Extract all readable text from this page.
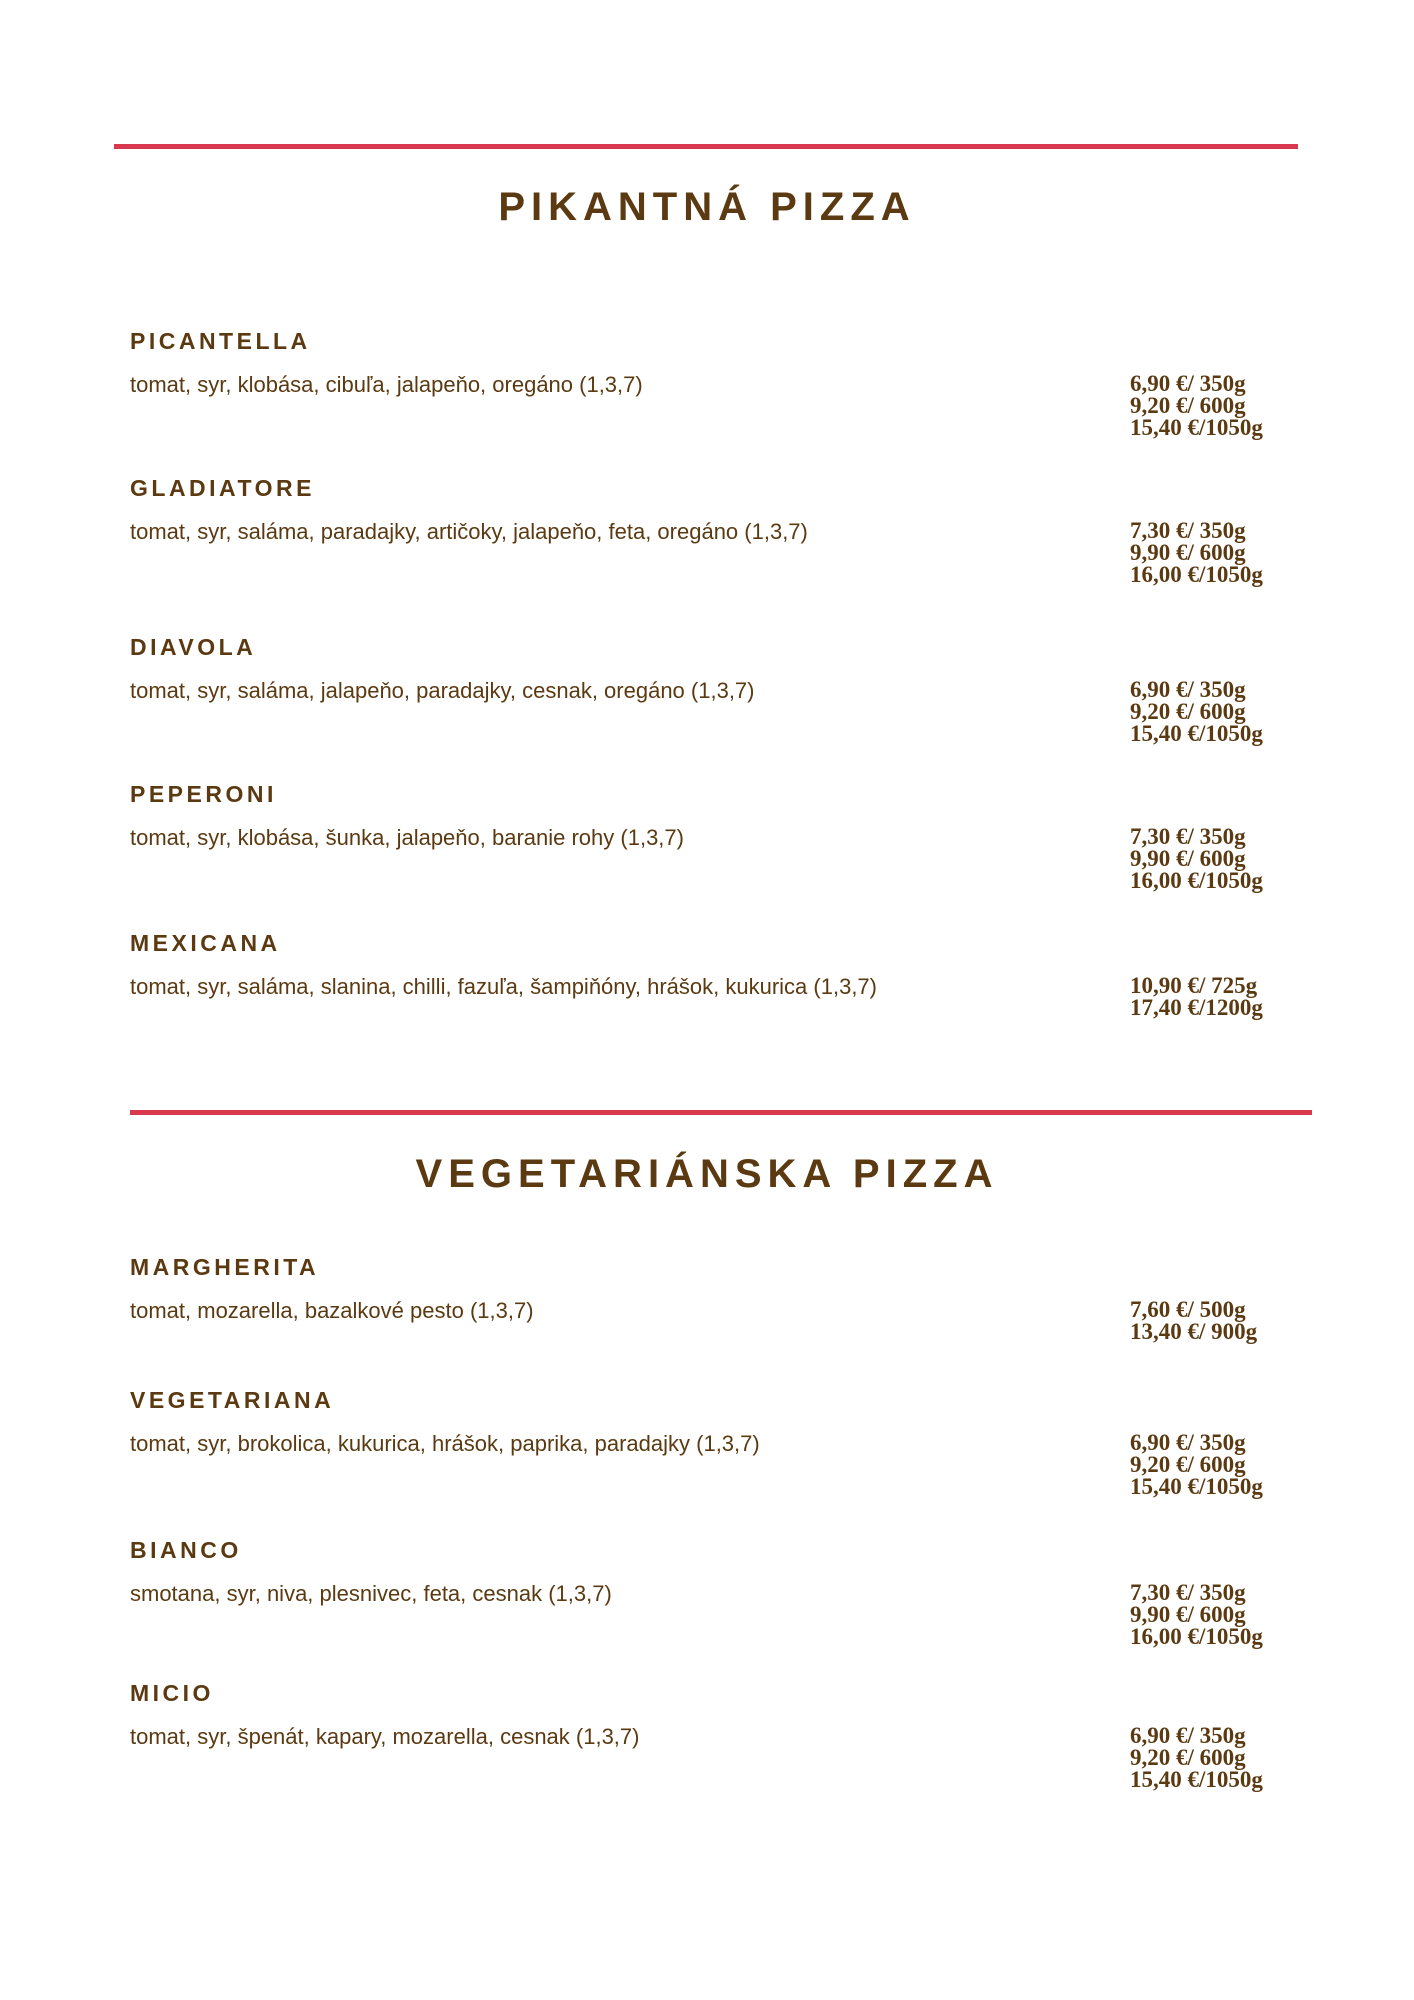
PIKANTNÁ PIZZA
PICANTELLA
tomat, syr, klobása, cibuľa, jalapeňo, oregáno (1,3,7)	6,90 €/ 350g
9,20 €/ 600g
15,40 €/1050g
GLADIATORE
tomat, syr, saláma, paradajky, artičoky, jalapeňo, feta, oregáno (1,3,7)	7,30 €/ 350g
9,90 €/ 600g
16,00 €/1050g
DIAVOLA
tomat, syr, saláma, jalapeňo, paradajky, cesnak, oregáno (1,3,7)	6,90 €/ 350g
9,20 €/ 600g
15,40 €/1050g
PEPERONI
tomat, syr, klobása, šunka, jalapeňo, baranie rohy (1,3,7)	7,30 €/ 350g
9,90 €/ 600g
16,00 €/1050g
MEXICANA
tomat, syr, saláma, slanina, chilli, fazuľa, šampiňóny, hrášok, kukurica (1,3,7)	10,90 €/ 725g
17,40 €/1200g
VEGETARIÁNSKA PIZZA
MARGHERITA
tomat, mozarella, bazalkové pesto (1,3,7)	7,60 €/ 500g
13,40 €/ 900g
VEGETARIANA
tomat, syr, brokolica, kukurica, hrášok, paprika, paradajky (1,3,7)	6,90 €/ 350g
9,20 €/ 600g
15,40 €/1050g
BIANCO
smotana, syr, niva, plesnivec, feta, cesnak (1,3,7)	7,30 €/ 350g
9,90 €/ 600g
16,00 €/1050g
MICIO
tomat, syr, špenát, kapary, mozarella, cesnak (1,3,7)	6,90 €/ 350g
9,20 €/ 600g
15,40 €/1050g
